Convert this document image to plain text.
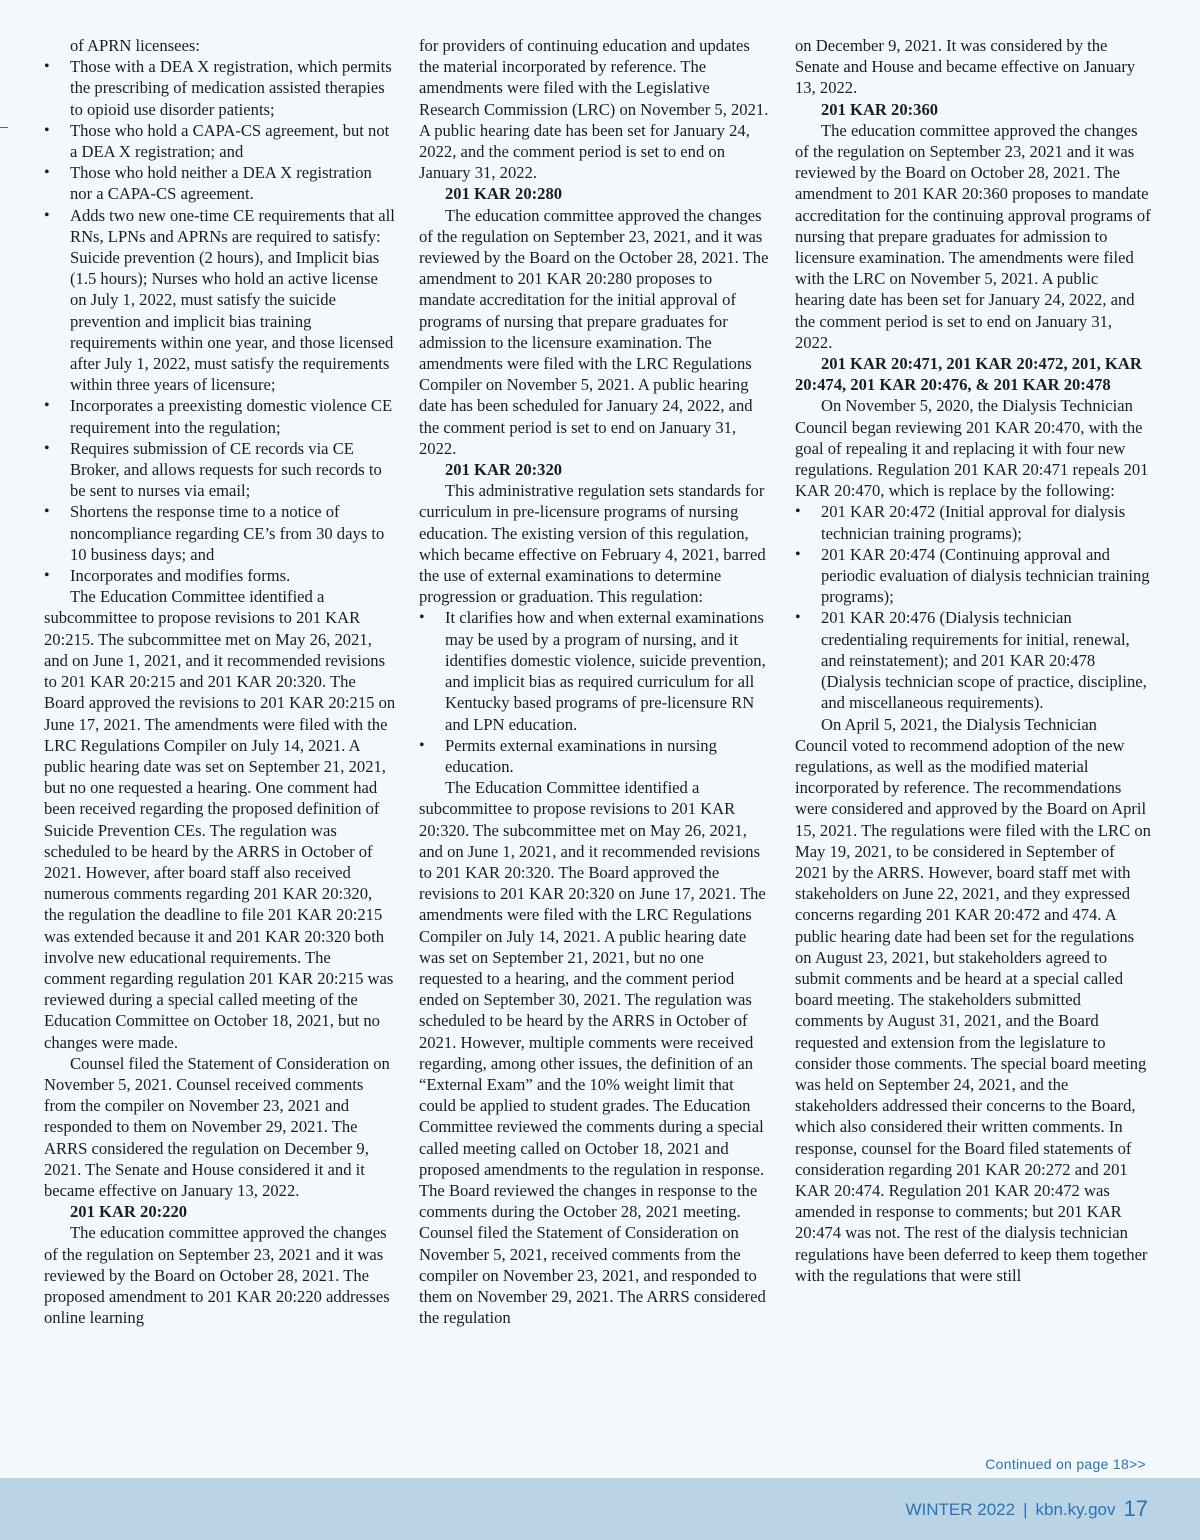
of APRN licensees:

• Those with a DEA X registration, which permits the prescribing of medication assisted therapies to opioid use disorder patients;
• Those who hold a CAPA-CS agreement, but not a DEA X registration; and
• Those who hold neither a DEA X registration nor a CAPA-CS agreement.
• Adds two new one-time CE requirements that all RNs, LPNs and APRNs are required to satisfy: Suicide prevention (2 hours), and Implicit bias (1.5 hours); Nurses who hold an active license on July 1, 2022, must satisfy the suicide prevention and implicit bias training requirements within one year, and those licensed after July 1, 2022, must satisfy the requirements within three years of licensure;
• Incorporates a preexisting domestic violence CE requirement into the regulation;
• Requires submission of CE records via CE Broker, and allows requests for such records to be sent to nurses via email;
• Shortens the response time to a notice of noncompliance regarding CE’s from 30 days to 10 business days; and
• Incorporates and modifies forms.

The Education Committee identified a subcommittee to propose revisions to 201 KAR 20:215. The subcommittee met on May 26, 2021, and on June 1, 2021, and it recommended revisions to 201 KAR 20:215 and 201 KAR 20:320. The Board approved the revisions to 201 KAR 20:215 on June 17, 2021. The amendments were filed with the LRC Regulations Compiler on July 14, 2021. A public hearing date was set on September 21, 2021, but no one requested a hearing. One comment had been received regarding the proposed definition of Suicide Prevention CEs. The regulation was scheduled to be heard by the ARRS in October of 2021. However, after board staff also received numerous comments regarding 201 KAR 20:320, the regulation the deadline to file 201 KAR 20:215 was extended because it and 201 KAR 20:320 both involve new educational requirements. The comment regarding regulation 201 KAR 20:215 was reviewed during a special called meeting of the Education Committee on October 18, 2021, but no changes were made.

Counsel filed the Statement of Consideration on November 5, 2021. Counsel received comments from the compiler on November 23, 2021 and responded to them on November 29, 2021. The ARRS considered the regulation on December 9, 2021. The Senate and House considered it and it became effective on January 13, 2022.

201 KAR 20:220

The education committee approved the changes of the regulation on September 23, 2021 and it was reviewed by the Board on October 28, 2021. The proposed amendment to 201 KAR 20:220 addresses online learning

for providers of continuing education and updates the material incorporated by reference. The amendments were filed with the Legislative Research Commission (LRC) on November 5, 2021. A public hearing date has been set for January 24, 2022, and the comment period is set to end on January 31, 2022.

201 KAR 20:280

The education committee approved the changes of the regulation on September 23, 2021, and it was reviewed by the Board on the October 28, 2021. The amendment to 201 KAR 20:280 proposes to mandate accreditation for the initial approval of programs of nursing that prepare graduates for admission to the licensure examination. The amendments were filed with the LRC Regulations Compiler on November 5, 2021. A public hearing date has been scheduled for January 24, 2022, and the comment period is set to end on January 31, 2022.

201 KAR 20:320

This administrative regulation sets standards for curriculum in pre-licensure programs of nursing education. The existing version of this regulation, which became effective on February 4, 2021, barred the use of external examinations to determine progression or graduation. This regulation:

• It clarifies how and when external examinations may be used by a program of nursing, and it identifies domestic violence, suicide prevention, and implicit bias as required curriculum for all Kentucky based programs of pre-licensure RN and LPN education.
• Permits external examinations in nursing education.

The Education Committee identified a subcommittee to propose revisions to 201 KAR 20:320. The subcommittee met on May 26, 2021, and on June 1, 2021, and it recommended revisions to 201 KAR 20:320. The Board approved the revisions to 201 KAR 20:320 on June 17, 2021. The amendments were filed with the LRC Regulations Compiler on July 14, 2021. A public hearing date was set on September 21, 2021, but no one requested to a hearing, and the comment period ended on September 30, 2021. The regulation was scheduled to be heard by the ARRS in October of 2021. However, multiple comments were received regarding, among other issues, the definition of an “External Exam” and the 10% weight limit that could be applied to student grades. The Education Committee reviewed the comments during a special called meeting called on October 18, 2021 and proposed amendments to the regulation in response. The Board reviewed the changes in response to the comments during the October 28, 2021 meeting. Counsel filed the Statement of Consideration on November 5, 2021, received comments from the compiler on November 23, 2021, and responded to them on November 29, 2021. The ARRS considered the regulation

on December 9, 2021. It was considered by the Senate and House and became effective on January 13, 2022.

201 KAR 20:360

The education committee approved the changes of the regulation on September 23, 2021 and it was reviewed by the Board on October 28, 2021. The amendment to 201 KAR 20:360 proposes to mandate accreditation for the continuing approval programs of nursing that prepare graduates for admission to licensure examination. The amendments were filed with the LRC on November 5, 2021. A public hearing date has been set for January 24, 2022, and the comment period is set to end on January 31, 2022.

201 KAR 20:471, 201 KAR 20:472, 201, KAR 20:474, 201 KAR 20:476, & 201 KAR 20:478

On November 5, 2020, the Dialysis Technician Council began reviewing 201 KAR 20:470, with the goal of repealing it and replacing it with four new regulations. Regulation 201 KAR 20:471 repeals 201 KAR 20:470, which is replace by the following:

• 201 KAR 20:472 (Initial approval for dialysis technician training programs);
• 201 KAR 20:474 (Continuing approval and periodic evaluation of dialysis technician training programs);
• 201 KAR 20:476 (Dialysis technician credentialing requirements for initial, renewal, and reinstatement); and 201 KAR 20:478 (Dialysis technician scope of practice, discipline, and miscellaneous requirements).

On April 5, 2021, the Dialysis Technician Council voted to recommend adoption of the new regulations, as well as the modified material incorporated by reference. The recommendations were considered and approved by the Board on April 15, 2021. The regulations were filed with the LRC on May 19, 2021, to be considered in September of 2021 by the ARRS. However, board staff met with stakeholders on June 22, 2021, and they expressed concerns regarding 201 KAR 20:472 and 474. A public hearing date had been set for the regulations on August 23, 2021, but stakeholders agreed to submit comments and be heard at a special called board meeting. The stakeholders submitted comments by August 31, 2021, and the Board requested and extension from the legislature to consider those comments. The special board meeting was held on September 24, 2021, and the stakeholders addressed their concerns to the Board, which also considered their written comments. In response, counsel for the Board filed statements of consideration regarding 201 KAR 20:272 and 201 KAR 20:474. Regulation 201 KAR 20:472 was amended in response to comments; but 201 KAR 20:474 was not. The rest of the dialysis technician regulations have been deferred to keep them together with the regulations that were still

Continued on page 18>>
WINTER 2022 | kbn.ky.gov 17
